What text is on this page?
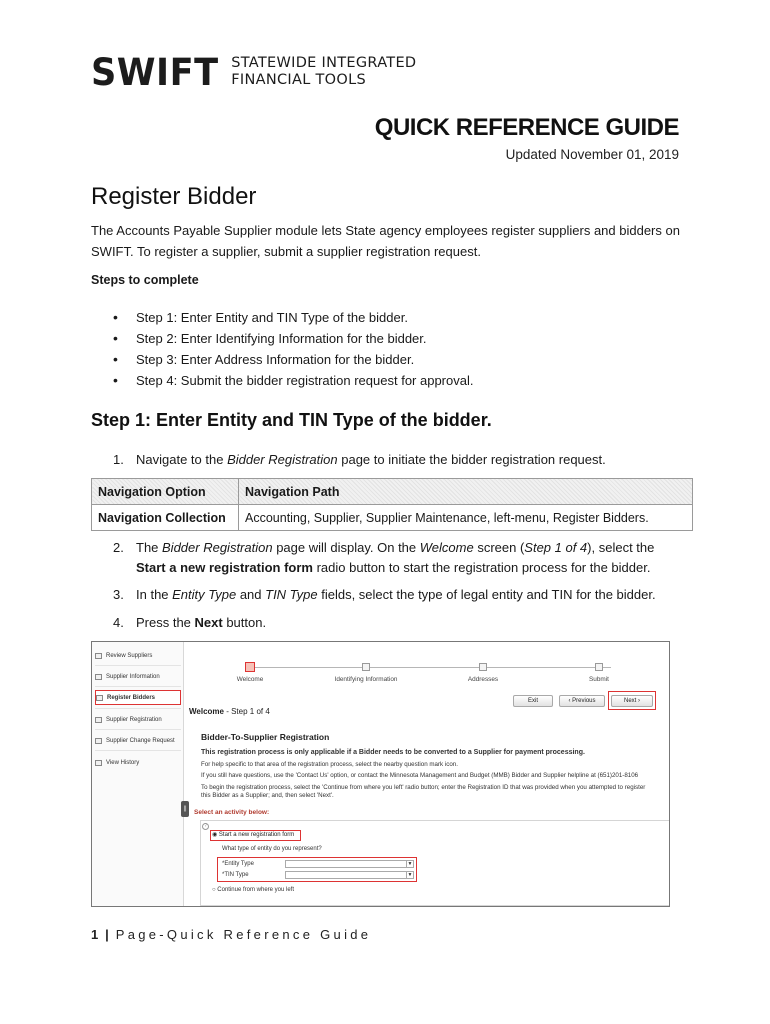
SWIFT STATEWIDE INTEGRATED
FINANCIAL TOOLS
QUICK REFERENCE GUIDE
Updated November 01, 2019
Register Bidder
The Accounts Payable Supplier module lets State agency employees register suppliers and bidders on SWIFT. To register a supplier, submit a supplier registration request.
Steps to complete
• Step 1: Enter Entity and TIN Type of the bidder.
• Step 2: Enter Identifying Information for the bidder.
• Step 3: Enter Address Information for the bidder.
• Step 4: Submit the bidder registration request for approval.
Step 1: Enter Entity and TIN Type of the bidder.
1. Navigate to the Bidder Registration page to initiate the bidder registration request.
Navigation Option	Navigation Path
Navigation Collection	Accounting, Supplier, Supplier Maintenance, left-menu, Register Bidders.
2. The Bidder Registration page will display. On the Welcome screen (Step 1 of 4), select the Start a new registration form radio button to start the registration process for the bidder.
3. In the Entity Type and TIN Type fields, select the type of legal entity and TIN for the bidder.
4. Press the Next button.
Review Suppliers
Supplier Information
Register Bidders
Supplier Registration
Supplier Change Request
View History
||
Welcome	Identifying Information	Addresses	Submit
Exit	‹ Previous	Next ›
Welcome - Step 1 of 4
Bidder-To-Supplier Registration
This registration process is only applicable if a Bidder needs to be converted to a Supplier for payment processing.
For help specific to that area of the registration process, select the nearby question mark icon.
If you still have questions, use the 'Contact Us' option, or contact the Minnesota Management and Budget (MMB) Bidder and Supplier helpline at (651)201-8106
To begin the registration process, select the 'Continue from where you left' radio button; enter the Registration ID that was provided when you attempted to register
this Bidder as a Supplier; and, then select 'Next'.
Select an activity below:
?
◉ Start a new registration form
What type of entity do you represent?
*Entity Type	▼
*TIN Type	▼
○ Continue from where you left
1 | Page-Quick Reference Guide
